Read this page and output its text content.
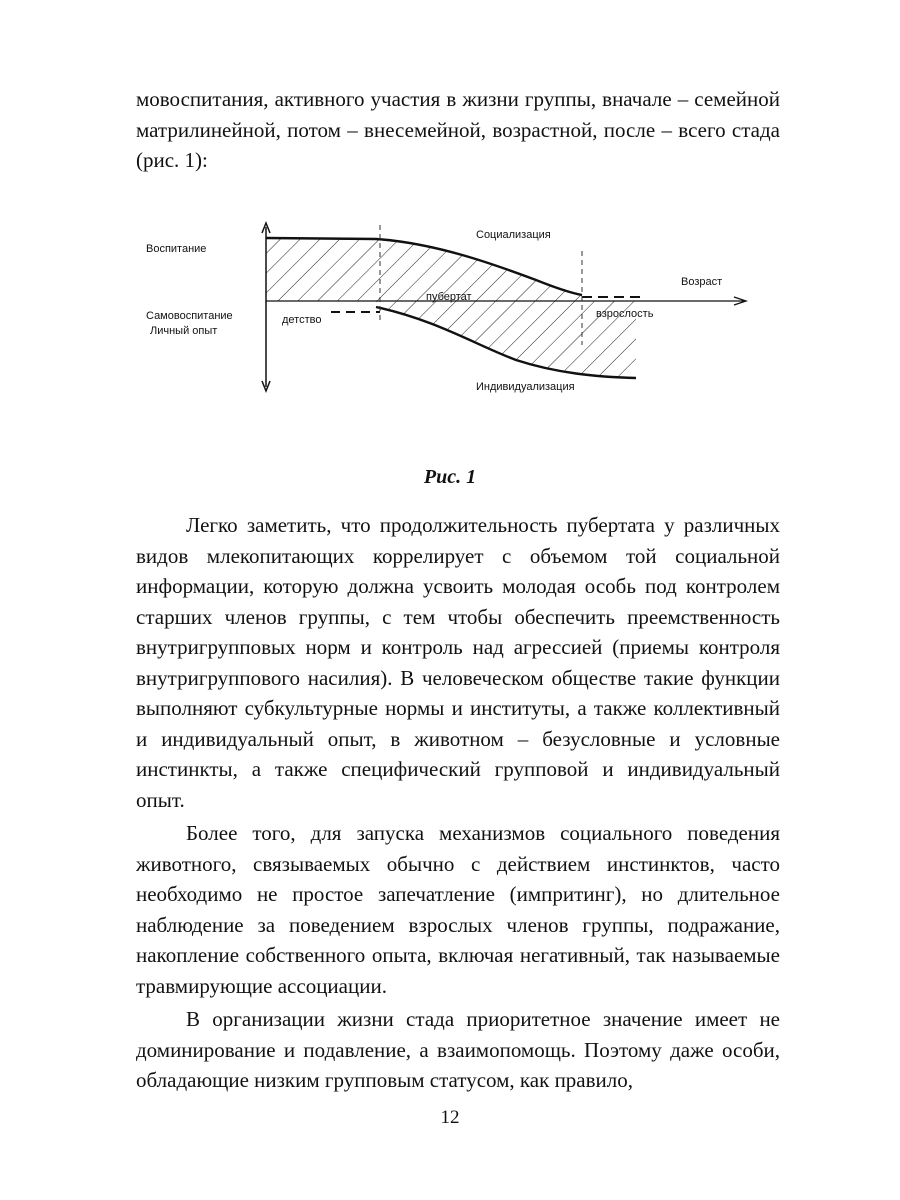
мовоспитания, активного участия в жизни группы, вначале – семейной матрилинейной, потом – внесемейной, возрастной, после – всего стада (рис. 1):

Воспитание
Самовоспитание
Личный опыт
Социализация
Возраст
пубертат
детство	взрослость
Индивидуализация
Рис. 1

Легко заметить, что продолжительность пубертата у различных видов млекопитающих коррелирует с объемом той социальной информации, которую должна усвоить молодая особь под контролем старших членов группы, с тем чтобы обеспечить преемственность внутригрупповых норм и контроль над агрессией (приемы контроля внутригруппового насилия). В человеческом обществе такие функции выполняют субкультурные нормы и институты, а также коллективный и индивидуальный опыт, в животном – безусловные и условные инстинкты, а также специфический групповой и индивидуальный опыт.

Более того, для запуска механизмов социального поведения животного, связываемых обычно с действием инстинктов, часто необходимо не простое запечатление (импритинг), но длительное наблюдение за поведением взрослых членов группы, подражание, накопление собственного опыта, включая негативный, так называемые травмирующие ассоциации.

В организации жизни стада приоритетное значение имеет не доминирование и подавление, а взаимопомощь. Поэтому даже особи, обладающие низким групповым статусом, как правило,

12
